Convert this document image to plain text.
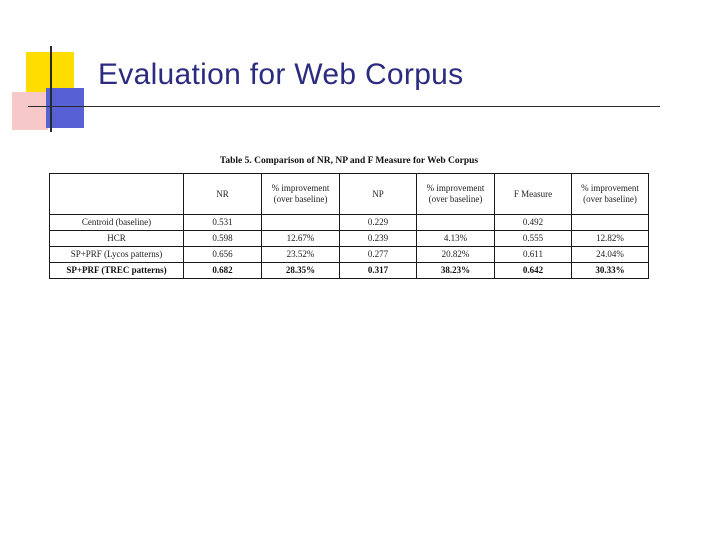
Evaluation for Web Corpus
Table 5. Comparison of NR, NP and F Measure for Web Corpus
	NR	% improvement (over baseline)	NP	% improvement (over baseline)	F Measure	% improvement (over baseline)
Centroid (baseline)	0.531		0.229		0.492	
HCR	0.598	12.67%	0.239	4.13%	0.555	12.82%
SP+PRF (Lycos patterns)	0.656	23.52%	0.277	20.82%	0.611	24.04%
SP+PRF (TREC patterns)	0.682	28.35%	0.317	38.23%	0.642	30.33%
